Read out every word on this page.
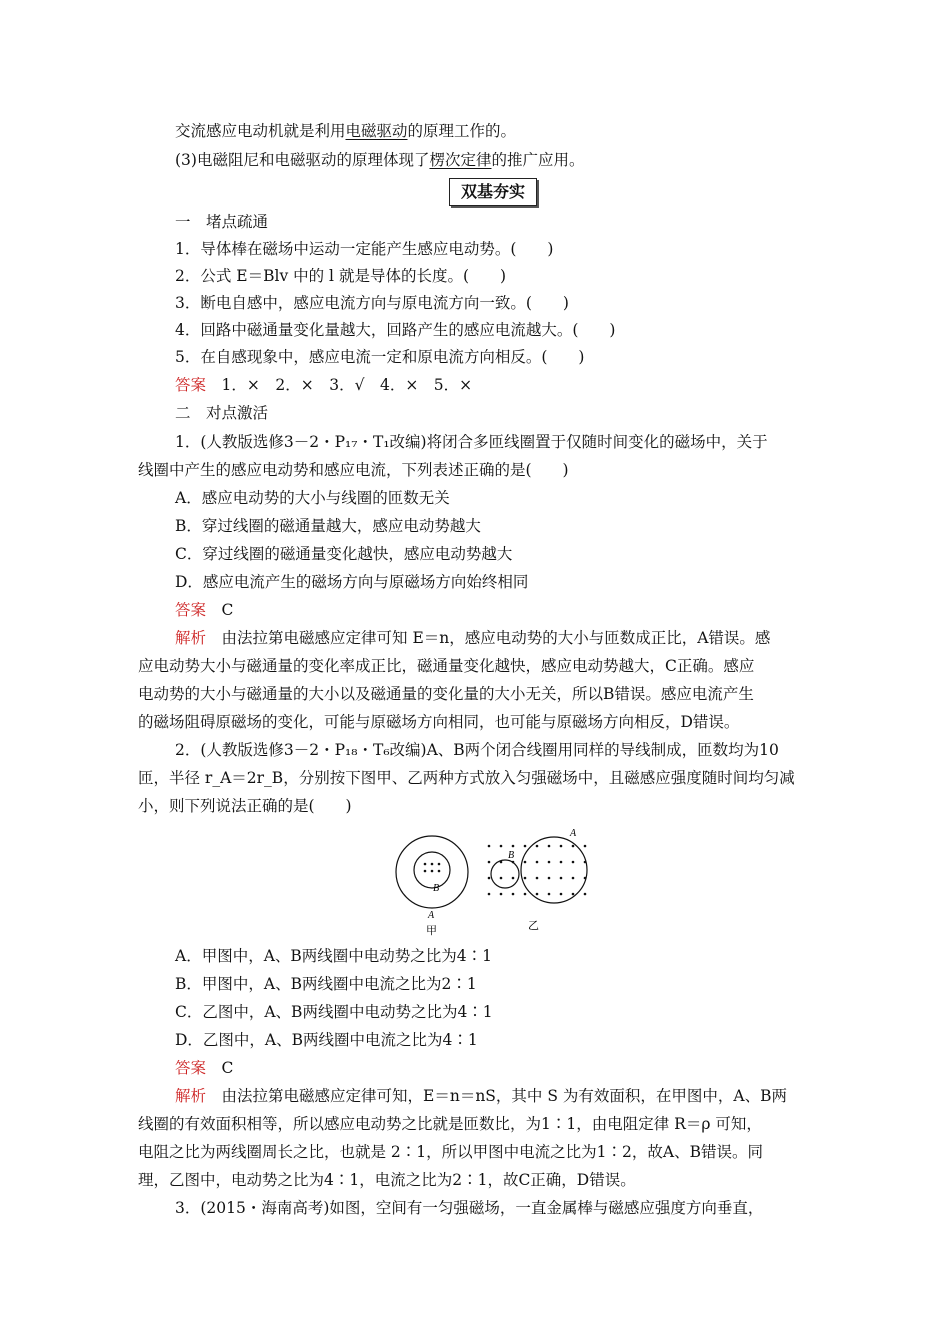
交流感应电动机就是利用电磁驱动的原理工作的。
(3)电磁阻尼和电磁驱动的原理体现了楞次定律的推广应用。
双基夯实
一　堵点疏通
1．导体棒在磁场中运动一定能产生感应电动势。(　　)
2．公式 E＝Blv 中的 l 就是导体的长度。(　　)
3．断电自感中，感应电流方向与原电流方向一致。(　　)
4．回路中磁通量变化量越大，回路产生的感应电流越大。(　　)
5．在自感现象中，感应电流一定和原电流方向相反。(　　)
答案　1．×　2．×　3．√　4．×　5．×
二　对点激活
1．(人教版选修3－2・P₁₇・T₁改编)将闭合多匝线圈置于仅随时间变化的磁场中，关于
线圈中产生的感应电动势和感应电流，下列表述正确的是(　　)
A．感应电动势的大小与线圈的匝数无关
B．穿过线圈的磁通量越大，感应电动势越大
C．穿过线圈的磁通量变化越快，感应电动势越大
D．感应电流产生的磁场方向与原磁场方向始终相同
答案　C
解析　由法拉第电磁感应定律可知 E＝n，感应电动势的大小与匝数成正比，A错误。感
应电动势大小与磁通量的变化率成正比，磁通量变化越快，感应电动势越大，C正确。感应
电动势的大小与磁通量的大小以及磁通量的变化量的大小无关，所以B错误。感应电流产生
的磁场阻碍原磁场的变化，可能与原磁场方向相同，也可能与原磁场方向相反，D错误。
2．(人教版选修3－2・P₁₈・T₆改编)A、B两个闭合线圈用同样的导线制成，匝数均为10
匝，半径 r_A＝2r_B，分别按下图甲、乙两种方式放入匀强磁场中，且磁感应强度随时间均匀减
小，则下列说法正确的是(　　)
B
A
甲
B
A
乙
A．甲图中，A、B两线圈中电动势之比为4∶1
B．甲图中，A、B两线圈中电流之比为2∶1
C．乙图中，A、B两线圈中电动势之比为4∶1
D．乙图中，A、B两线圈中电流之比为4∶1
答案　C
解析　由法拉第电磁感应定律可知，E＝n＝nS，其中 S 为有效面积，在甲图中，A、B两
线圈的有效面积相等，所以感应电动势之比就是匝数比，为1∶1，由电阻定律 R＝ρ 可知，
电阻之比为两线圈周长之比，也就是 2∶1，所以甲图中电流之比为1∶2，故A、B错误。同
理，乙图中，电动势之比为4∶1，电流之比为2∶1，故C正确，D错误。
3．(2015・海南高考)如图，空间有一匀强磁场，一直金属棒与磁感应强度方向垂直，
